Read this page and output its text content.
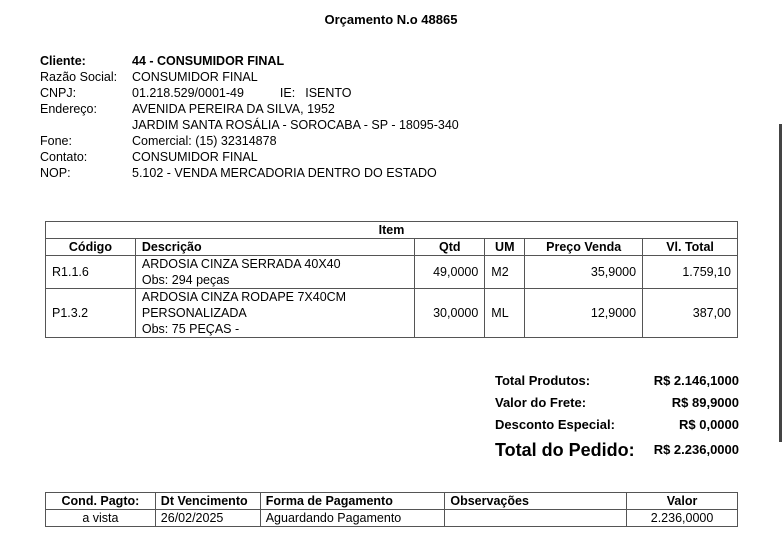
Orçamento N.o 48865
Cliente:	44 - CONSUMIDOR FINAL
Razão Social:	CONSUMIDOR FINAL
CNPJ:	01.218.529/0001-49	IE: ISENTO
Endereço:	AVENIDA PEREIRA DA SILVA, 1952
JARDIM SANTA ROSÁLIA - SOROCABA - SP - 18095-340
Fone:	Comercial: (15) 32314878
Contato:	CONSUMIDOR FINAL
NOP:	5.102 - VENDA MERCADORIA DENTRO DO ESTADO
Item					
Código	Descrição	Qtd	UM	Preço Venda	Vl. Total
R1.1.6	ARDOSIA CINZA SERRADA 40X40
Obs: 294 peças	49,0000	M2	35,9000	1.759,10
P1.3.2	ARDOSIA CINZA RODAPE 7X40CM
PERSONALIZADA
Obs: 75 PEÇAS -	30,0000	ML	12,9000	387,00
Total Produtos:	R$ 2.146,1000
Valor do Frete:	R$ 89,9000
Desconto Especial:	R$ 0,0000
Total do Pedido: R$ 2.236,0000
Cond. Pagto:	Dt Vencimento	Forma de Pagamento	Observações	Valor
a vista	26/02/2025	Aguardando Pagamento		2.236,0000
